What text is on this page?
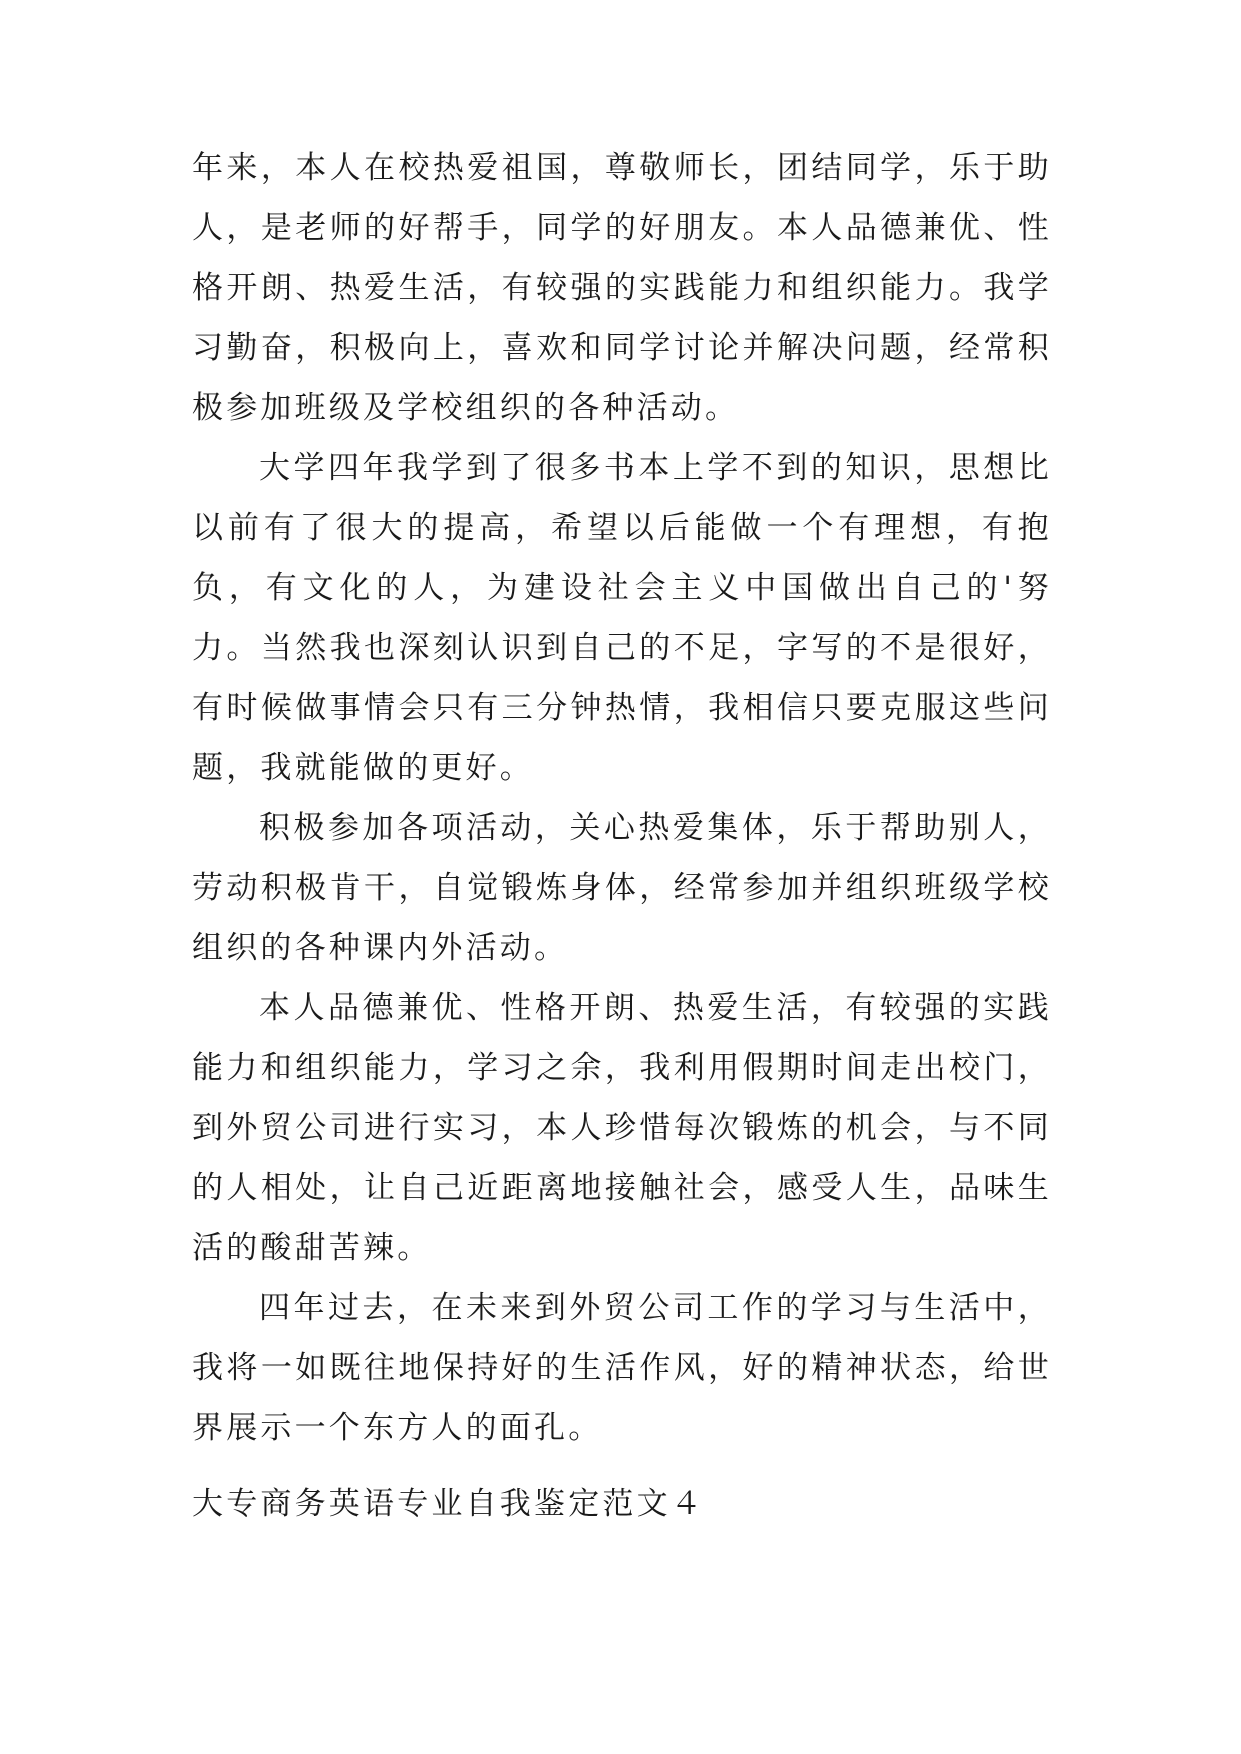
年来，本人在校热爱祖国，尊敬师长，团结同学，乐于助人，是老师的好帮手，同学的好朋友。本人品德兼优、性格开朗、热爱生活，有较强的实践能力和组织能力。我学习勤奋，积极向上，喜欢和同学讨论并解决问题，经常积极参加班级及学校组织的各种活动。

大学四年我学到了很多书本上学不到的知识，思想比以前有了很大的提高，希望以后能做一个有理想，有抱负，有文化的人，为建设社会主义中国做出自己的'努力。当然我也深刻认识到自己的不足，字写的不是很好，有时候做事情会只有三分钟热情，我相信只要克服这些问题，我就能做的更好。

积极参加各项活动，关心热爱集体，乐于帮助别人，劳动积极肯干，自觉锻炼身体，经常参加并组织班级学校组织的各种课内外活动。

本人品德兼优、性格开朗、热爱生活，有较强的实践能力和组织能力，学习之余，我利用假期时间走出校门，到外贸公司进行实习，本人珍惜每次锻炼的机会，与不同的人相处，让自己近距离地接触社会，感受人生，品味生活的酸甜苦辣。

四年过去，在未来到外贸公司工作的学习与生活中，我将一如既往地保持好的生活作风，好的精神状态，给世界展示一个东方人的面孔。

大专商务英语专业自我鉴定范文４
